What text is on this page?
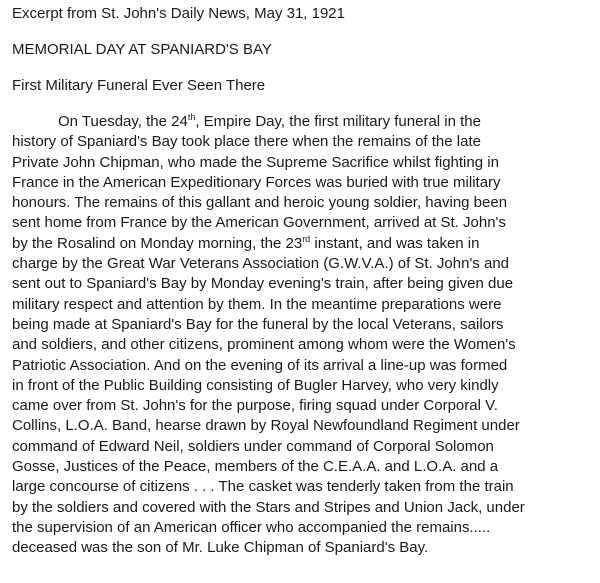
Excerpt from St. John's Daily News, May 31, 1921

MEMORIAL DAY AT SPANIARD'S BAY

First Military Funeral Ever Seen There

On Tuesday, the 24th, Empire Day, the first military funeral in the
history of Spaniard's Bay took place there when the remains of the late
Private John Chipman, who made the Supreme Sacrifice whilst fighting in
France in the American Expeditionary Forces was buried with true military
honours. The remains of this gallant and heroic young soldier, having been
sent home from France by the American Government, arrived at St. John's
by the Rosalind on Monday morning, the 23rd instant, and was taken in
charge by the Great War Veterans Association (G.W.V.A.) of St. John's and
sent out to Spaniard's Bay by Monday evening's train, after being given due
military respect and attention by them. In the meantime preparations were
being made at Spaniard's Bay for the funeral by the local Veterans, sailors
and soldiers, and other citizens, prominent among whom were the Women's
Patriotic Association. And on the evening of its arrival a line-up was formed
in front of the Public Building consisting of Bugler Harvey, who very kindly
came over from St. John's for the purpose, firing squad under Corporal V.
Collins, L.O.A. Band, hearse drawn by Royal Newfoundland Regiment under
command of Edward Neil, soldiers under command of Corporal Solomon
Gosse, Justices of the Peace, members of the C.E.A.A. and L.O.A. and a
large concourse of citizens . . . The casket was tenderly taken from the train
by the soldiers and covered with the Stars and Stripes and Union Jack, under
the supervision of an American officer who accompanied the remains.....
deceased was the son of Mr. Luke Chipman of Spaniard's Bay.
